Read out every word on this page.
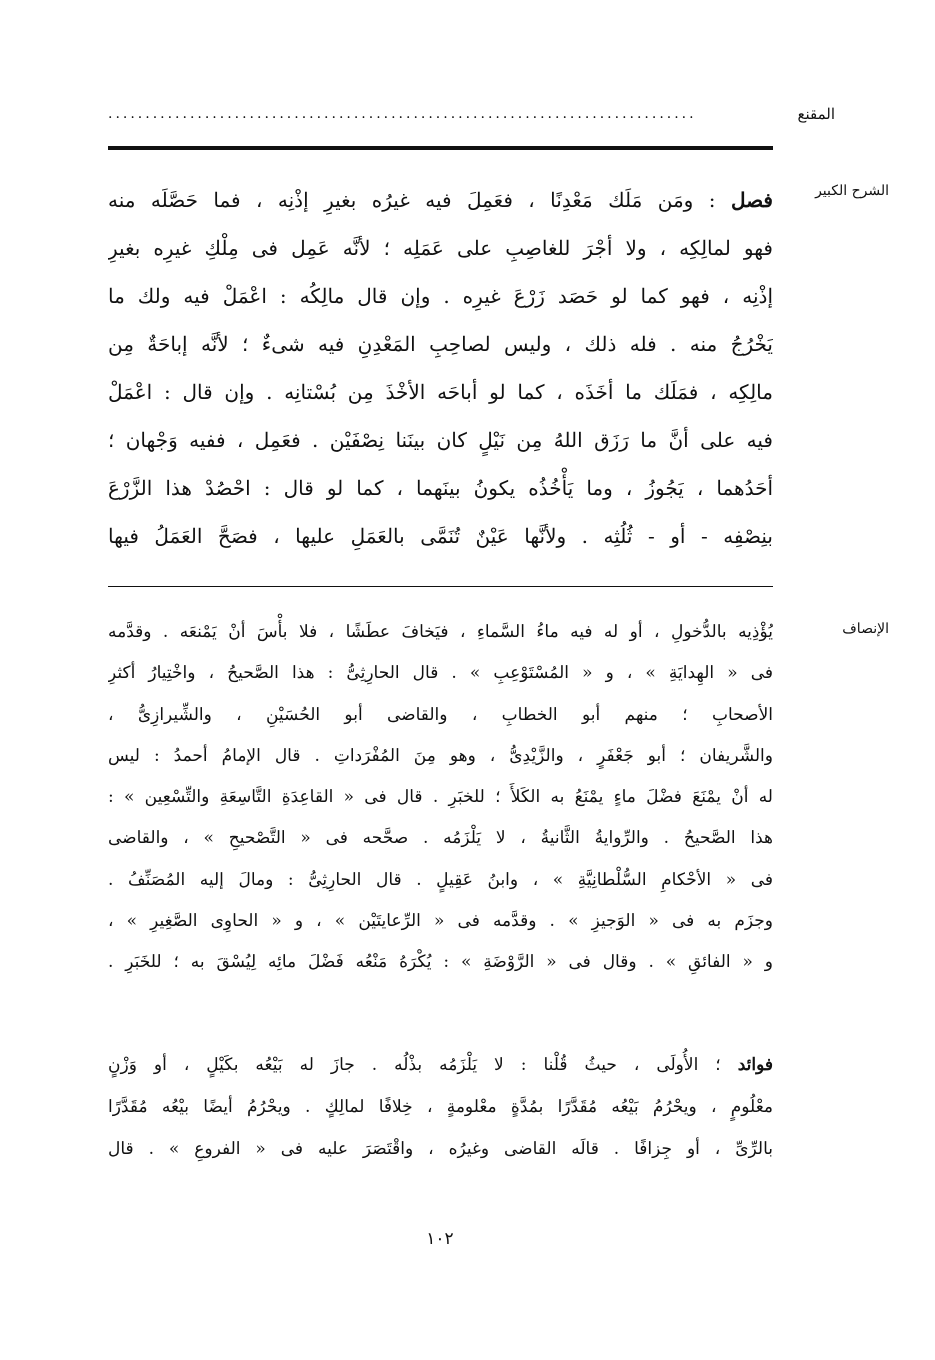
المقنع
...............................................................................
الشرح الكبير
فصل : ومَن مَلَك مَعْدِنًا ، فعَمِلَ فيه غيرُه بغيرِ إذْنِه ، فما حَصَّلَه منه
فهو لمالِكِه ، ولا أجْرَ للغاصِبِ على عَمَلِه ؛ لأنَّه عَمِل فى مِلْكِ غيرِه بغيرِ
إذْنِه ، فهو كما لو حَصَد زَرْعَ غيرِه . وإن قال مالِكُه : اعْمَلْ فيه ولك ما
يَخْرُجُ منه . فله ذلك ، وليس لصاحِبِ المَعْدِنِ فيه شىءٌ ؛ لأنَّه إباحَةٌ مِن
مالِكِه ، فمَلَك ما أخَذَه ، كما لو أباحَه الأخْذَ مِن بُسْتانِه . وإن قال : اعْمَلْ
فيه على أنَّ ما رَزَق اللهُ مِن نَيْلٍ كان بينَنا نِصْفَيْن . فعَمِل ، ففيه وَجْهان ؛
أحَدُهما ، يَجُوزُ ، وما يَأْخُذُه يكونُ بينَهما ، كما لو قال : احْصُدْ هذا الزَّرْعَ
بنِصْفِه - أو - ثُلُثِه . ولأنَّها عَيْنٌ تُنَمَّى بالعَمَلِ عليها ، فصَحَّ العَمَلُ فيها
الإنصاف
يُؤْذِيه بالدُّخولِ ، أو له فيه ماءُ السَّماءِ ، فيَخافَ عطَشًا ، فلا بأْسَ أنْ يَمْنعَه . وقدَّمه
فى « الهِدايَةِ » ، و « المُسْتَوْعِبِ » . قال الحارِثِىُّ : هذا الصَّحيحُ ، واخْتِيارُ أكثرِ
الأصحابِ ؛ منهم أبو الخطابِ ، والقاضى أبو الحُسَيْنِ ، والشِّيرازِىُّ ،
والشَّريفان ؛ أبو جَعْفَرٍ ، والزَّيْدِىُّ ، وهو مِنَ المُفْرَداتِ . قال الإمامُ أحمدُ : ليس
له أنْ يمْنَعَ فضْلَ ماءٍ يمْنَعُ به الكَلأَ ؛ للخبَرِ . قال فى « القاعِدَةِ التَّاسِعَةِ والتِّسْعِين » :
هذا الصَّحيحُ . والرِّوايةُ الثَّانيةُ ، لا يَلْزَمُه . صحَّحه فى « التَّصْحيحِ » ، والقاضى
فى « الأحْكامِ السُّلْطانِيَّةِ » ، وابنُ عَقِيلٍ . قال الحارِثِىُّ : ومالَ إليه المُصَنِّفُ .
وجزَم به فى « الوَجيزِ » . وقدَّمه فى « الرِّعايتَيْن » ، و « الحاوِى الصَّغِيرِ » ،
و « الفائقِ » . وقال فى « الرَّوْضَةِ » : يُكْرَهُ مَنْعُه فَضْلَ مائِه لِيُسْقَ به ؛ للخَبَرِ .
فوائد ؛ الأُولَى ، حيثُ قُلْنا : لا يَلْزَمُه بذْلُه . جازَ له بَيْعُه بكَيْلٍ ، أو وَزْنٍ
معْلُومٍ ، ويحْرُمُ بَيْعُه مُقَدَّرًا بمُدَّةٍ معْلومةٍ ، خِلافًا لمالِكٍ . ويحْرُمُ أيضًا بيْعُه مُقَدَّرًا
بالرِّىِّ ، أو جِزافًا . قالَه القاضى وغيرُه ، واقْتَصَرَ عليه فى « الفروعِ » . قال
١٠٢
